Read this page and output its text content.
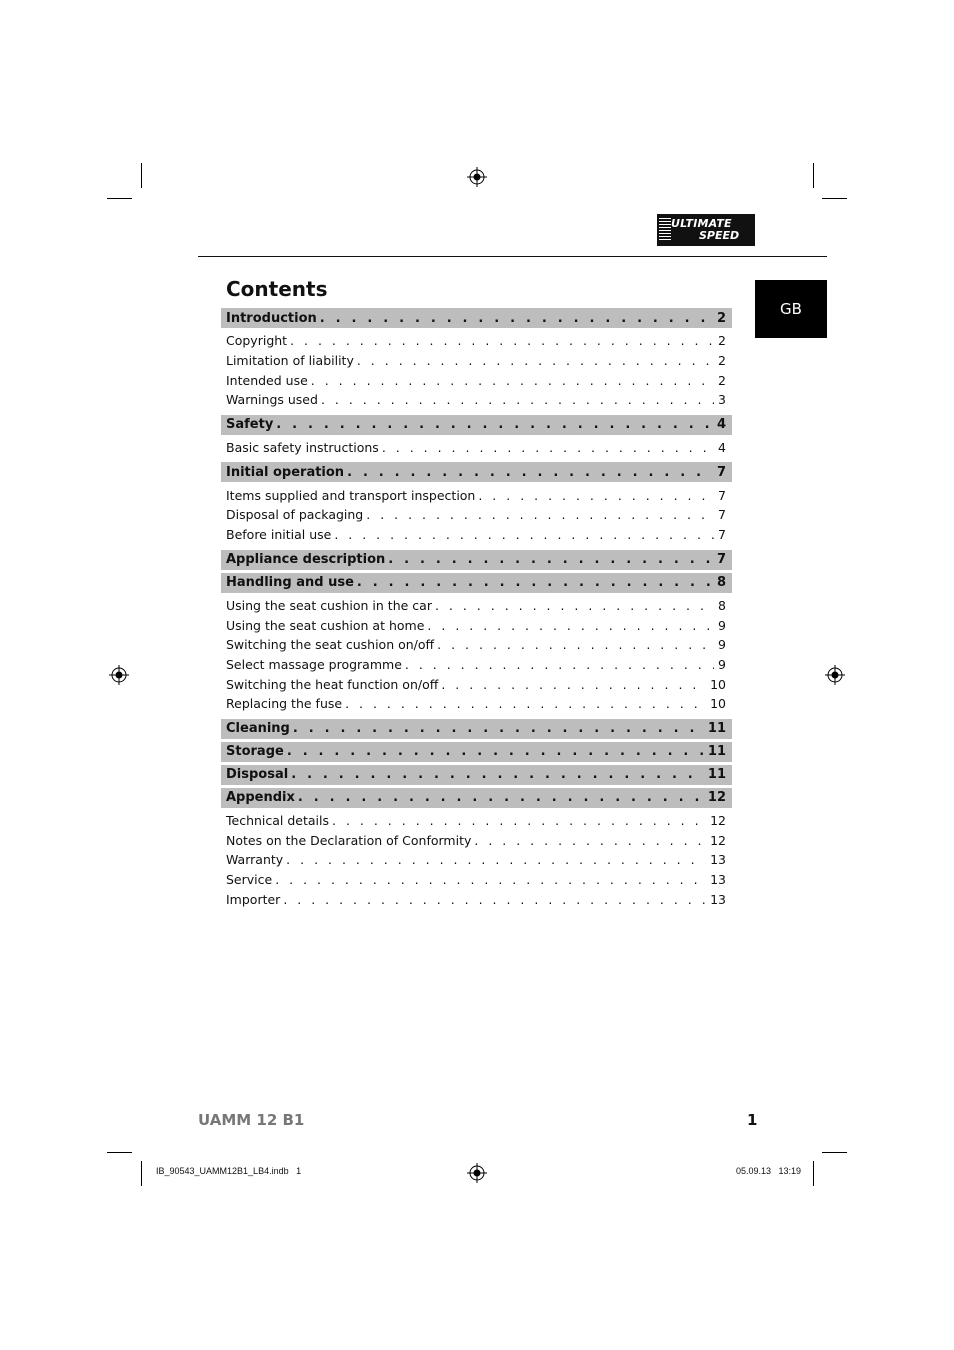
ULTIMATE
SPEED
GB
Contents
Introduction . . .	2
Copyright . . .	2
Limitation of liability . . .	2
Intended use . . .	2
Warnings used . . .	3
Safety . . .	4
Basic safety instructions . . .	4
Initial operation . . .	7
Items supplied and transport inspection . . .	7
Disposal of packaging . . .	7
Before initial use . . .	7
Appliance description . . .	7
Handling and use . . .	8
Using the seat cushion in the car . . .	8
Using the seat cushion at home . . .	9
Switching the seat cushion on/off . . .	9
Select massage programme . . .	9
Switching the heat function on/off . . .	10
Replacing the fuse . . .	10
Cleaning . . .	11
Storage . . .	11
Disposal . . .	11
Appendix . . .	12
Technical details . . .	12
Notes on the Declaration of Conformity . . .	12
Warranty . . .	13
Service . . .	13
Importer . . .	13
UAMM 12 B1	1
IB_90543_UAMM12B1_LB4.indb   1	05.09.13   13:19
